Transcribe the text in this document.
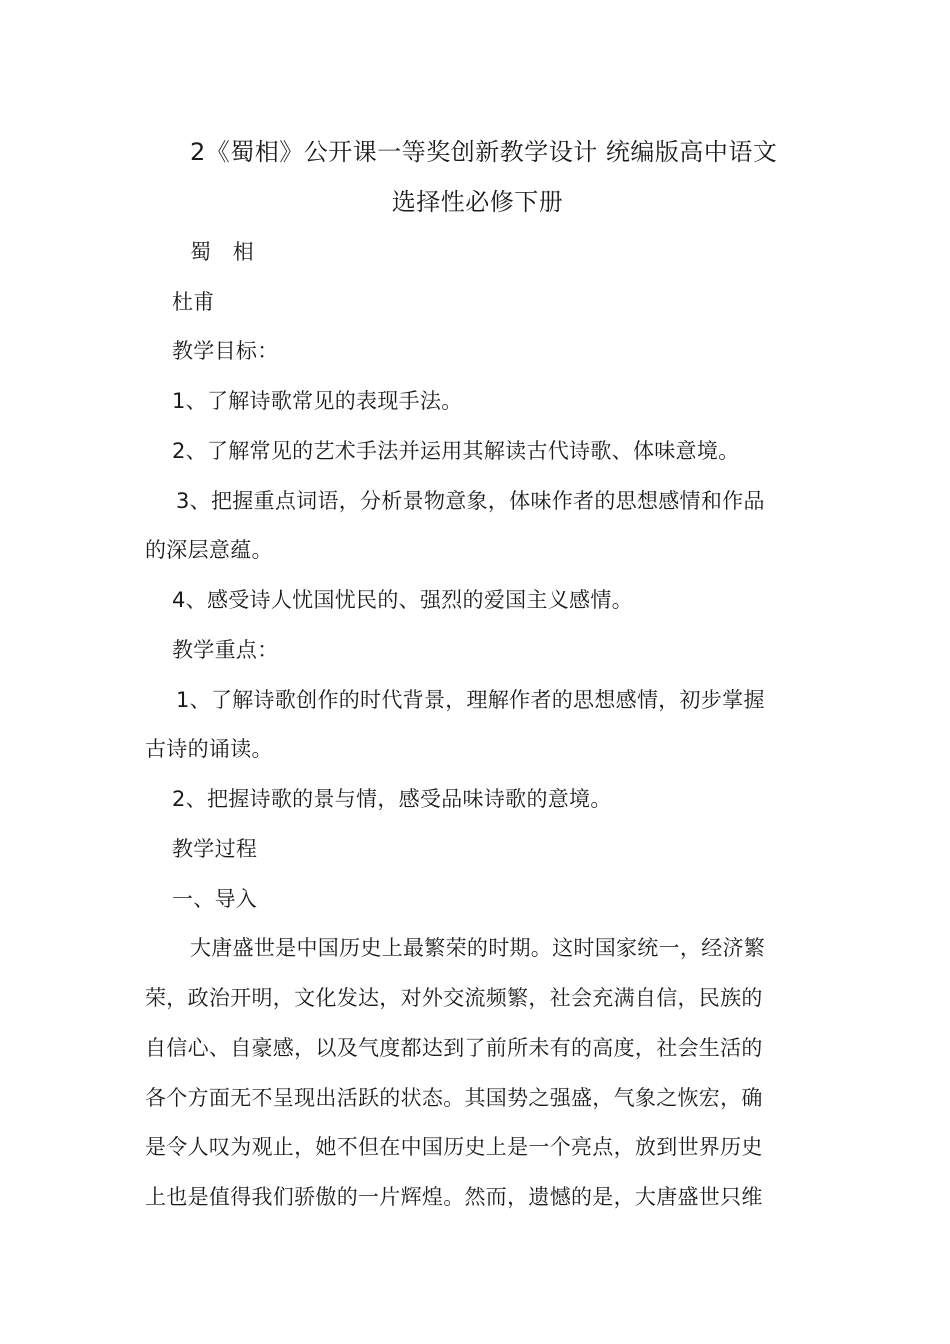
2《蜀相》公开课一等奖创新教学设计 统编版高中语文
选择性必修下册
蜀　相
杜甫
教学目标：
1、了解诗歌常见的表现手法。
2、了解常见的艺术手法并运用其解读古代诗歌、体味意境。
3、把握重点词语，分析景物意象，体味作者的思想感情和作品
的深层意蕴。
4、感受诗人忧国忧民的、强烈的爱国主义感情。
教学重点：
1、了解诗歌创作的时代背景，理解作者的思想感情，初步掌握
古诗的诵读。
2、把握诗歌的景与情，感受品味诗歌的意境。
教学过程
一、导入
大唐盛世是中国历史上最繁荣的时期。这时国家统一，经济繁
荣，政治开明，文化发达，对外交流频繁，社会充满自信，民族的
自信心、自豪感，以及气度都达到了前所未有的高度，社会生活的
各个方面无不呈现出活跃的状态。其国势之强盛，气象之恢宏，确
是令人叹为观止，她不但在中国历史上是一个亮点，放到世界历史
上也是值得我们骄傲的一片辉煌。然而，遗憾的是，大唐盛世只维
